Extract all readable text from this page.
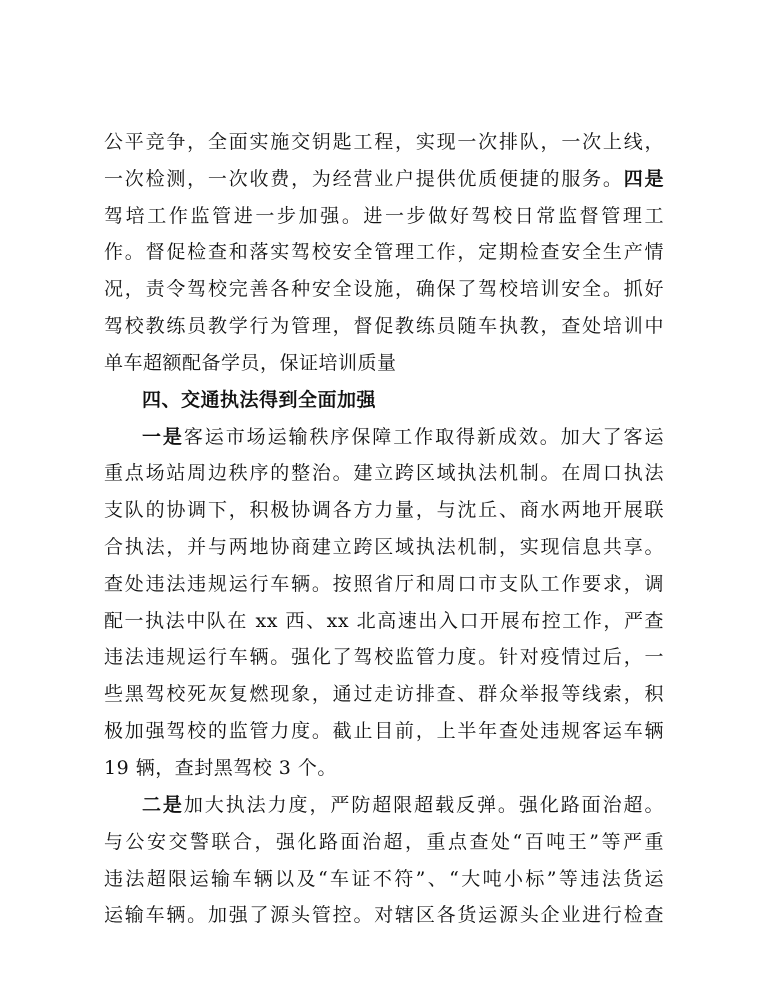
公平竞争，全面实施交钥匙工程，实现一次排队，一次上线，
一次检测，一次收费，为经营业户提供优质便捷的服务。四是
驾培工作监管进一步加强。进一步做好驾校日常监督管理工
作。督促检查和落实驾校安全管理工作，定期检查安全生产情
况，责令驾校完善各种安全设施，确保了驾校培训安全。抓好
驾校教练员教学行为管理，督促教练员随车执教，查处培训中
单车超额配备学员，保证培训质量
四、交通执法得到全面加强
一是客运市场运输秩序保障工作取得新成效。加大了客运
重点场站周边秩序的整治。建立跨区域执法机制。在周口执法
支队的协调下，积极协调各方力量，与沈丘、商水两地开展联
合执法，并与两地协商建立跨区域执法机制，实现信息共享。
查处违法违规运行车辆。按照省厅和周口市支队工作要求，调
配一执法中队在 xx 西、xx 北高速出入口开展布控工作，严查
违法违规运行车辆。强化了驾校监管力度。针对疫情过后，一
些黑驾校死灰复燃现象，通过走访排查、群众举报等线索，积
极加强驾校的监管力度。截止目前，上半年查处违规客运车辆
19 辆，查封黑驾校 3 个。
二是加大执法力度，严防超限超载反弹。强化路面治超。
与公安交警联合，强化路面治超，重点查处“百吨王”等严重
违法超限运输车辆以及“车证不符”、“大吨小标”等违法货运
运输车辆。加强了源头管控。对辖区各货运源头企业进行检查
